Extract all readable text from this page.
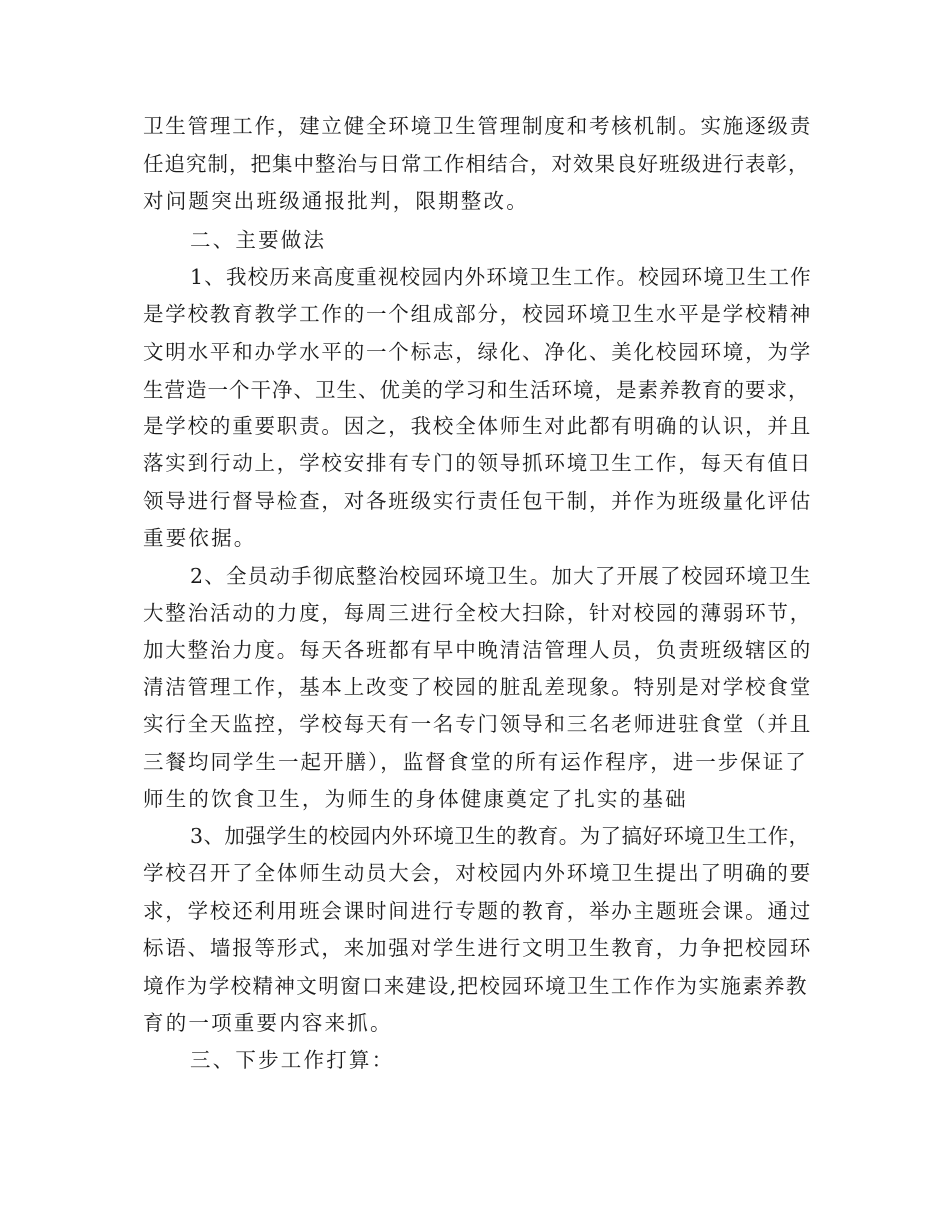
卫生管理工作，建立健全环境卫生管理制度和考核机制。实施逐级责
任追究制，把集中整治与日常工作相结合，对效果良好班级进行表彰，
对问题突出班级通报批判，限期整改。
二、主要做法
1、我校历来高度重视校园内外环境卫生工作。校园环境卫生工作
是学校教育教学工作的一个组成部分，校园环境卫生水平是学校精神
文明水平和办学水平的一个标志，绿化、净化、美化校园环境，为学
生营造一个干净、卫生、优美的学习和生活环境，是素养教育的要求，
是学校的重要职责。因之，我校全体师生对此都有明确的认识，并且
落实到行动上，学校安排有专门的领导抓环境卫生工作，每天有值日
领导进行督导检查，对各班级实行责任包干制，并作为班级量化评估
重要依据。
2、全员动手彻底整治校园环境卫生。加大了开展了校园环境卫生
大整治活动的力度，每周三进行全校大扫除，针对校园的薄弱环节，
加大整治力度。每天各班都有早中晚清洁管理人员，负责班级辖区的
清洁管理工作，基本上改变了校园的脏乱差现象。特别是对学校食堂
实行全天监控，学校每天有一名专门领导和三名老师进驻食堂（并且
三餐均同学生一起开膳），监督食堂的所有运作程序，进一步保证了
师生的饮食卫生，为师生的身体健康奠定了扎实的基础
3、加强学生的校园内外环境卫生的教育。为了搞好环境卫生工作，
学校召开了全体师生动员大会，对校园内外环境卫生提出了明确的要
求，学校还利用班会课时间进行专题的教育，举办主题班会课。通过
标语、墙报等形式，来加强对学生进行文明卫生教育，力争把校园环
境作为学校精神文明窗口来建设,把校园环境卫生工作作为实施素养教
育的一项重要内容来抓。
三、下步工作打算：
